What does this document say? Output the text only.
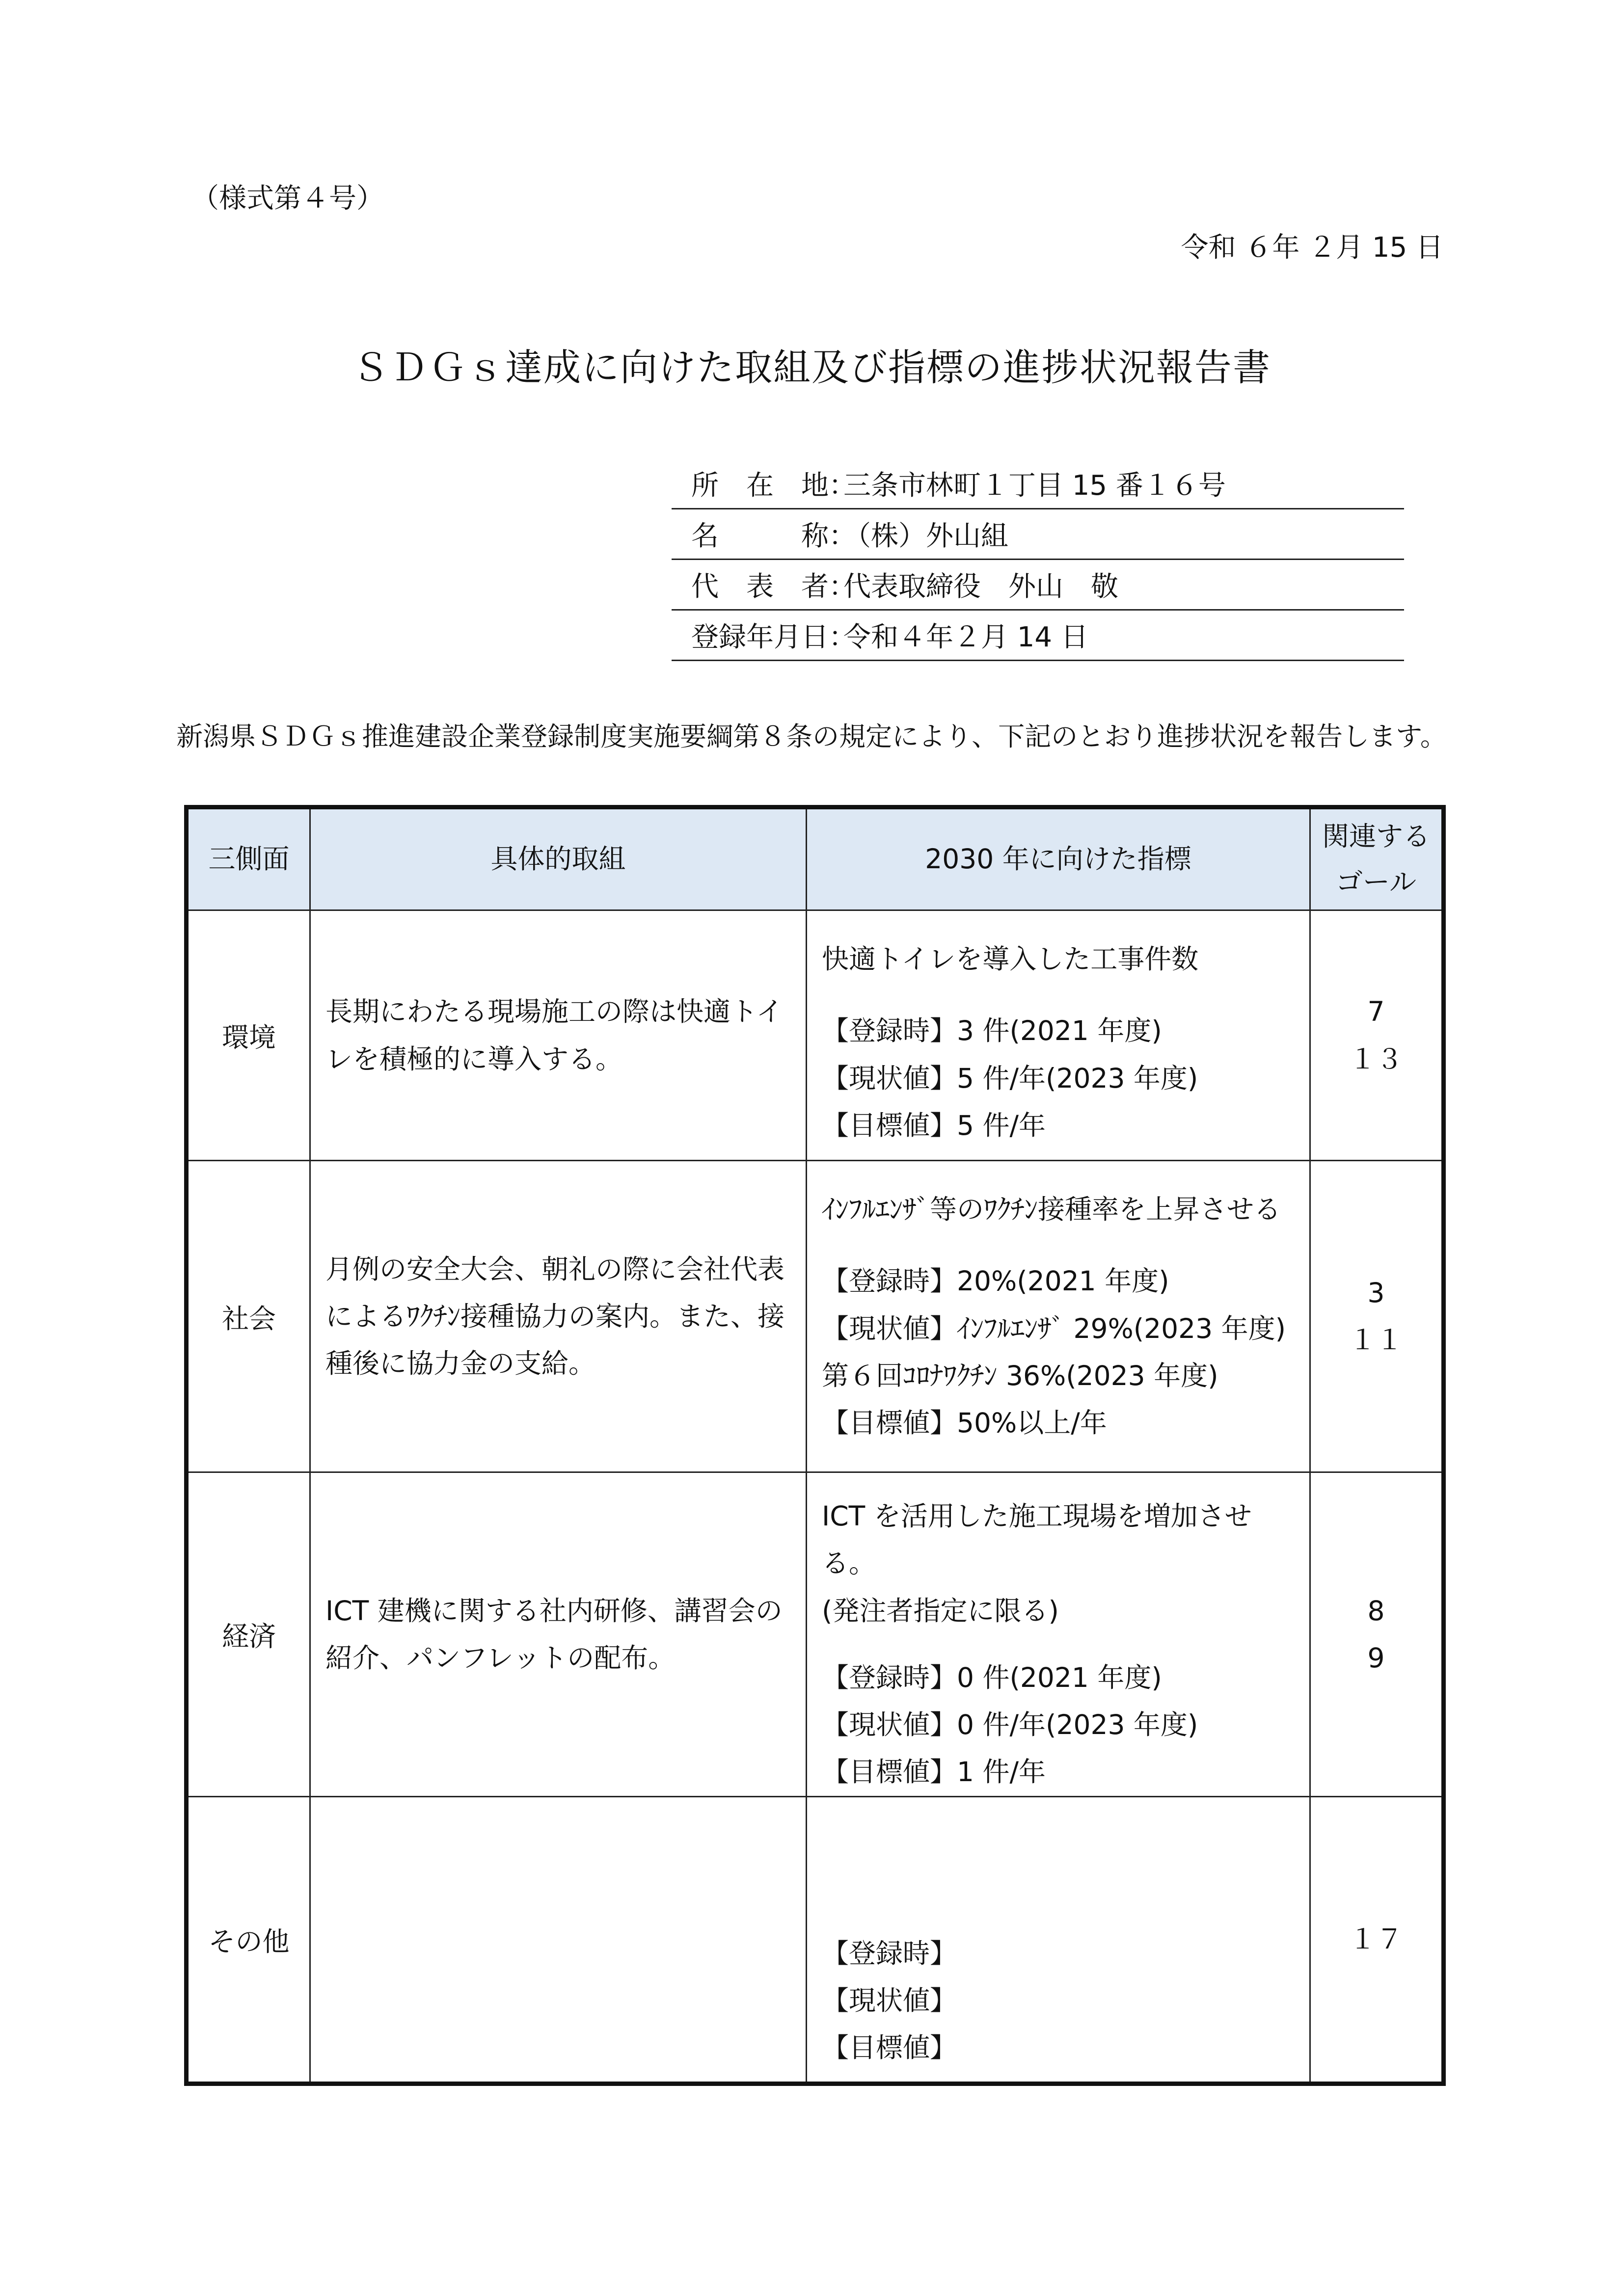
（様式第４号）
令和 ６年 ２月 15 日
ＳＤＧｓ達成に向けた取組及び指標の進捗状況報告書
所　在　地：
三条市林町１丁目 15 番１６号
名　　　称：
（株）外山組
代　表　者：
代表取締役　外山　敬
登録年月日：
令和４年２月 14 日
新潟県ＳＤＧｓ推進建設企業登録制度実施要綱第８条の規定により、下記のとおり進捗状況を報告します。
三側面	具体的取組	2030 年に向けた指標	関連する
ゴール

環境	長期にわたる現場施工の際は快適トイレを積極的に導入する。	快適トイレを導入した工事件数
【登録時】3 件(2021 年度)
【現状値】5 件/年(2023 年度)
【目標値】5 件/年	7
１３

社会	月例の安全大会、朝礼の際に会社代表によるﾜｸﾁﾝ接種協力の案内。また、接種後に協力金の支給。	ｲﾝﾌﾙｴﾝｻﾞ等のﾜｸﾁﾝ接種率を上昇させる
【登録時】20%(2021 年度)
【現状値】ｲﾝﾌﾙｴﾝｻﾞ 29%(2023 年度)
第６回ｺﾛﾅﾜｸﾁﾝ 36%(2023 年度)
【目標値】50%以上/年	3
１１

経済	ICT 建機に関する社内研修、講習会の紹介、パンフレットの配布。	ICT を活用した施工現場を増加させる。
(発注者指定に限る)
【登録時】0 件(2021 年度)
【現状値】0 件/年(2023 年度)
【目標値】1 件/年	8
9

その他		【登録時】
【現状値】
【目標値】	１７
